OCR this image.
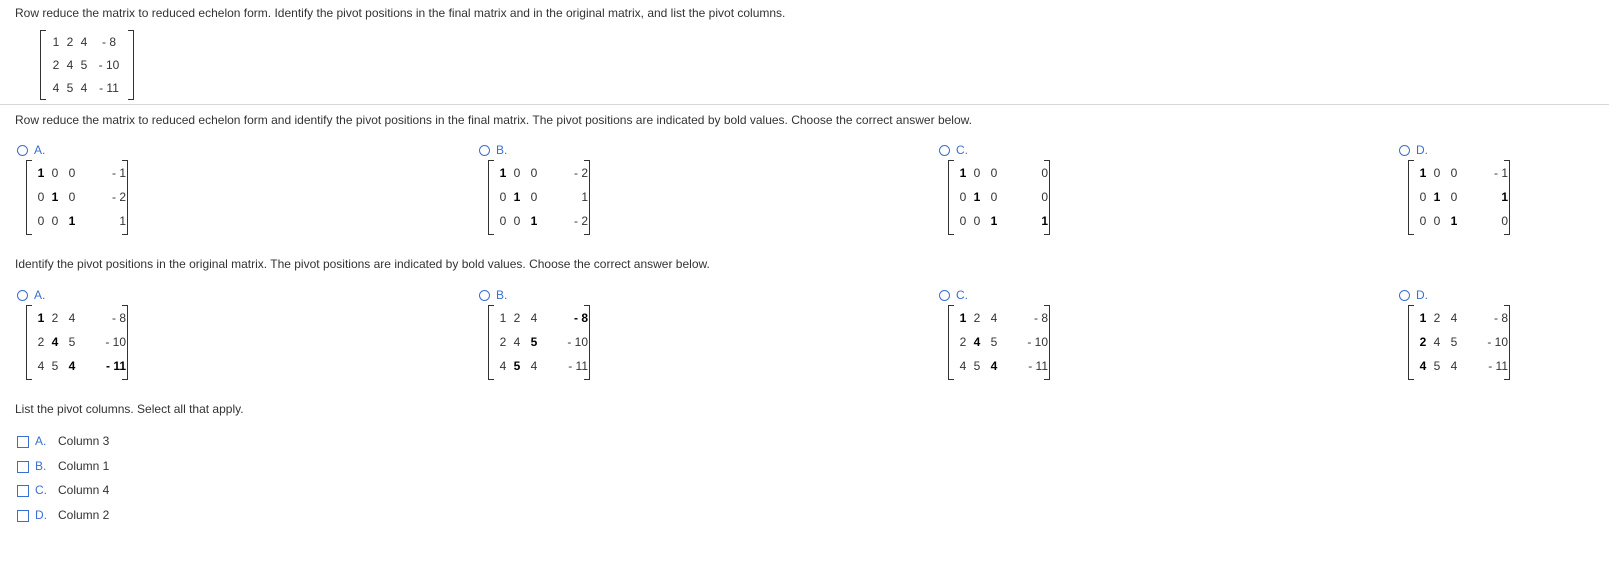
Row reduce the matrix to reduced echelon form. Identify the pivot positions in the final matrix and in the original matrix, and list the pivot columns.
1	2	4	- 8
2	4	5	- 10
4	5	4	- 11
Row reduce the matrix to reduced echelon form and identify the pivot positions in the final matrix. The pivot positions are indicated by bold values. Choose the correct answer below.
A.
1	0	0	- 1
0	1	0	- 2
0	0	1	1
B.
1	0	0	- 2
0	1	0	1
0	0	1	- 2
C.
1	0	0	0
0	1	0	0
0	0	1	1
D.
1	0	0	- 1
0	1	0	1
0	0	1	0
Identify the pivot positions in the original matrix. The pivot positions are indicated by bold values. Choose the correct answer below.
A.
1	2	4	- 8
2	4	5	- 10
4	5	4	- 11
B.
1	2	4	- 8
2	4	5	- 10
4	5	4	- 11
C.
1	2	4	- 8
2	4	5	- 10
4	5	4	- 11
D.
1	2	4	- 8
2	4	5	- 10
4	5	4	- 11
List the pivot columns. Select all that apply.
A. Column 3
B. Column 1
C. Column 4
D. Column 2
